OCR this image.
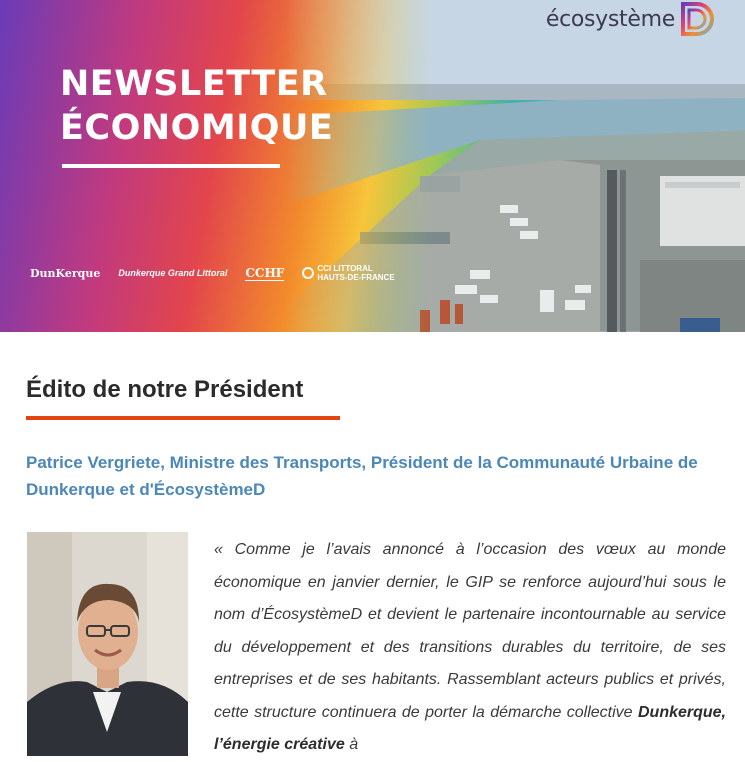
écosystème
NEWSLETTER
ÉCONOMIQUE
DunKerque Dunkerque Grand Littoral CCHF	CCI LITTORAL HAUTS-DE-FRANCE
Édito de notre Président

Patrice Vergriete, Ministre des Transports, Président de la Communauté Urbaine de Dunkerque et d'ÉcosystèmeD

« Comme je l’avais annoncé à l’occasion des vœux au monde économique en janvier dernier, le GIP se renforce aujourd’hui sous le nom d’ÉcosystèmeD et devient le partenaire incontournable au service du développement et des transitions durables du territoire, de ses entreprises et de ses habitants. Rassemblant acteurs publics et privés, cette structure continuera de porter la démarche collective Dunkerque, l’énergie créative à
